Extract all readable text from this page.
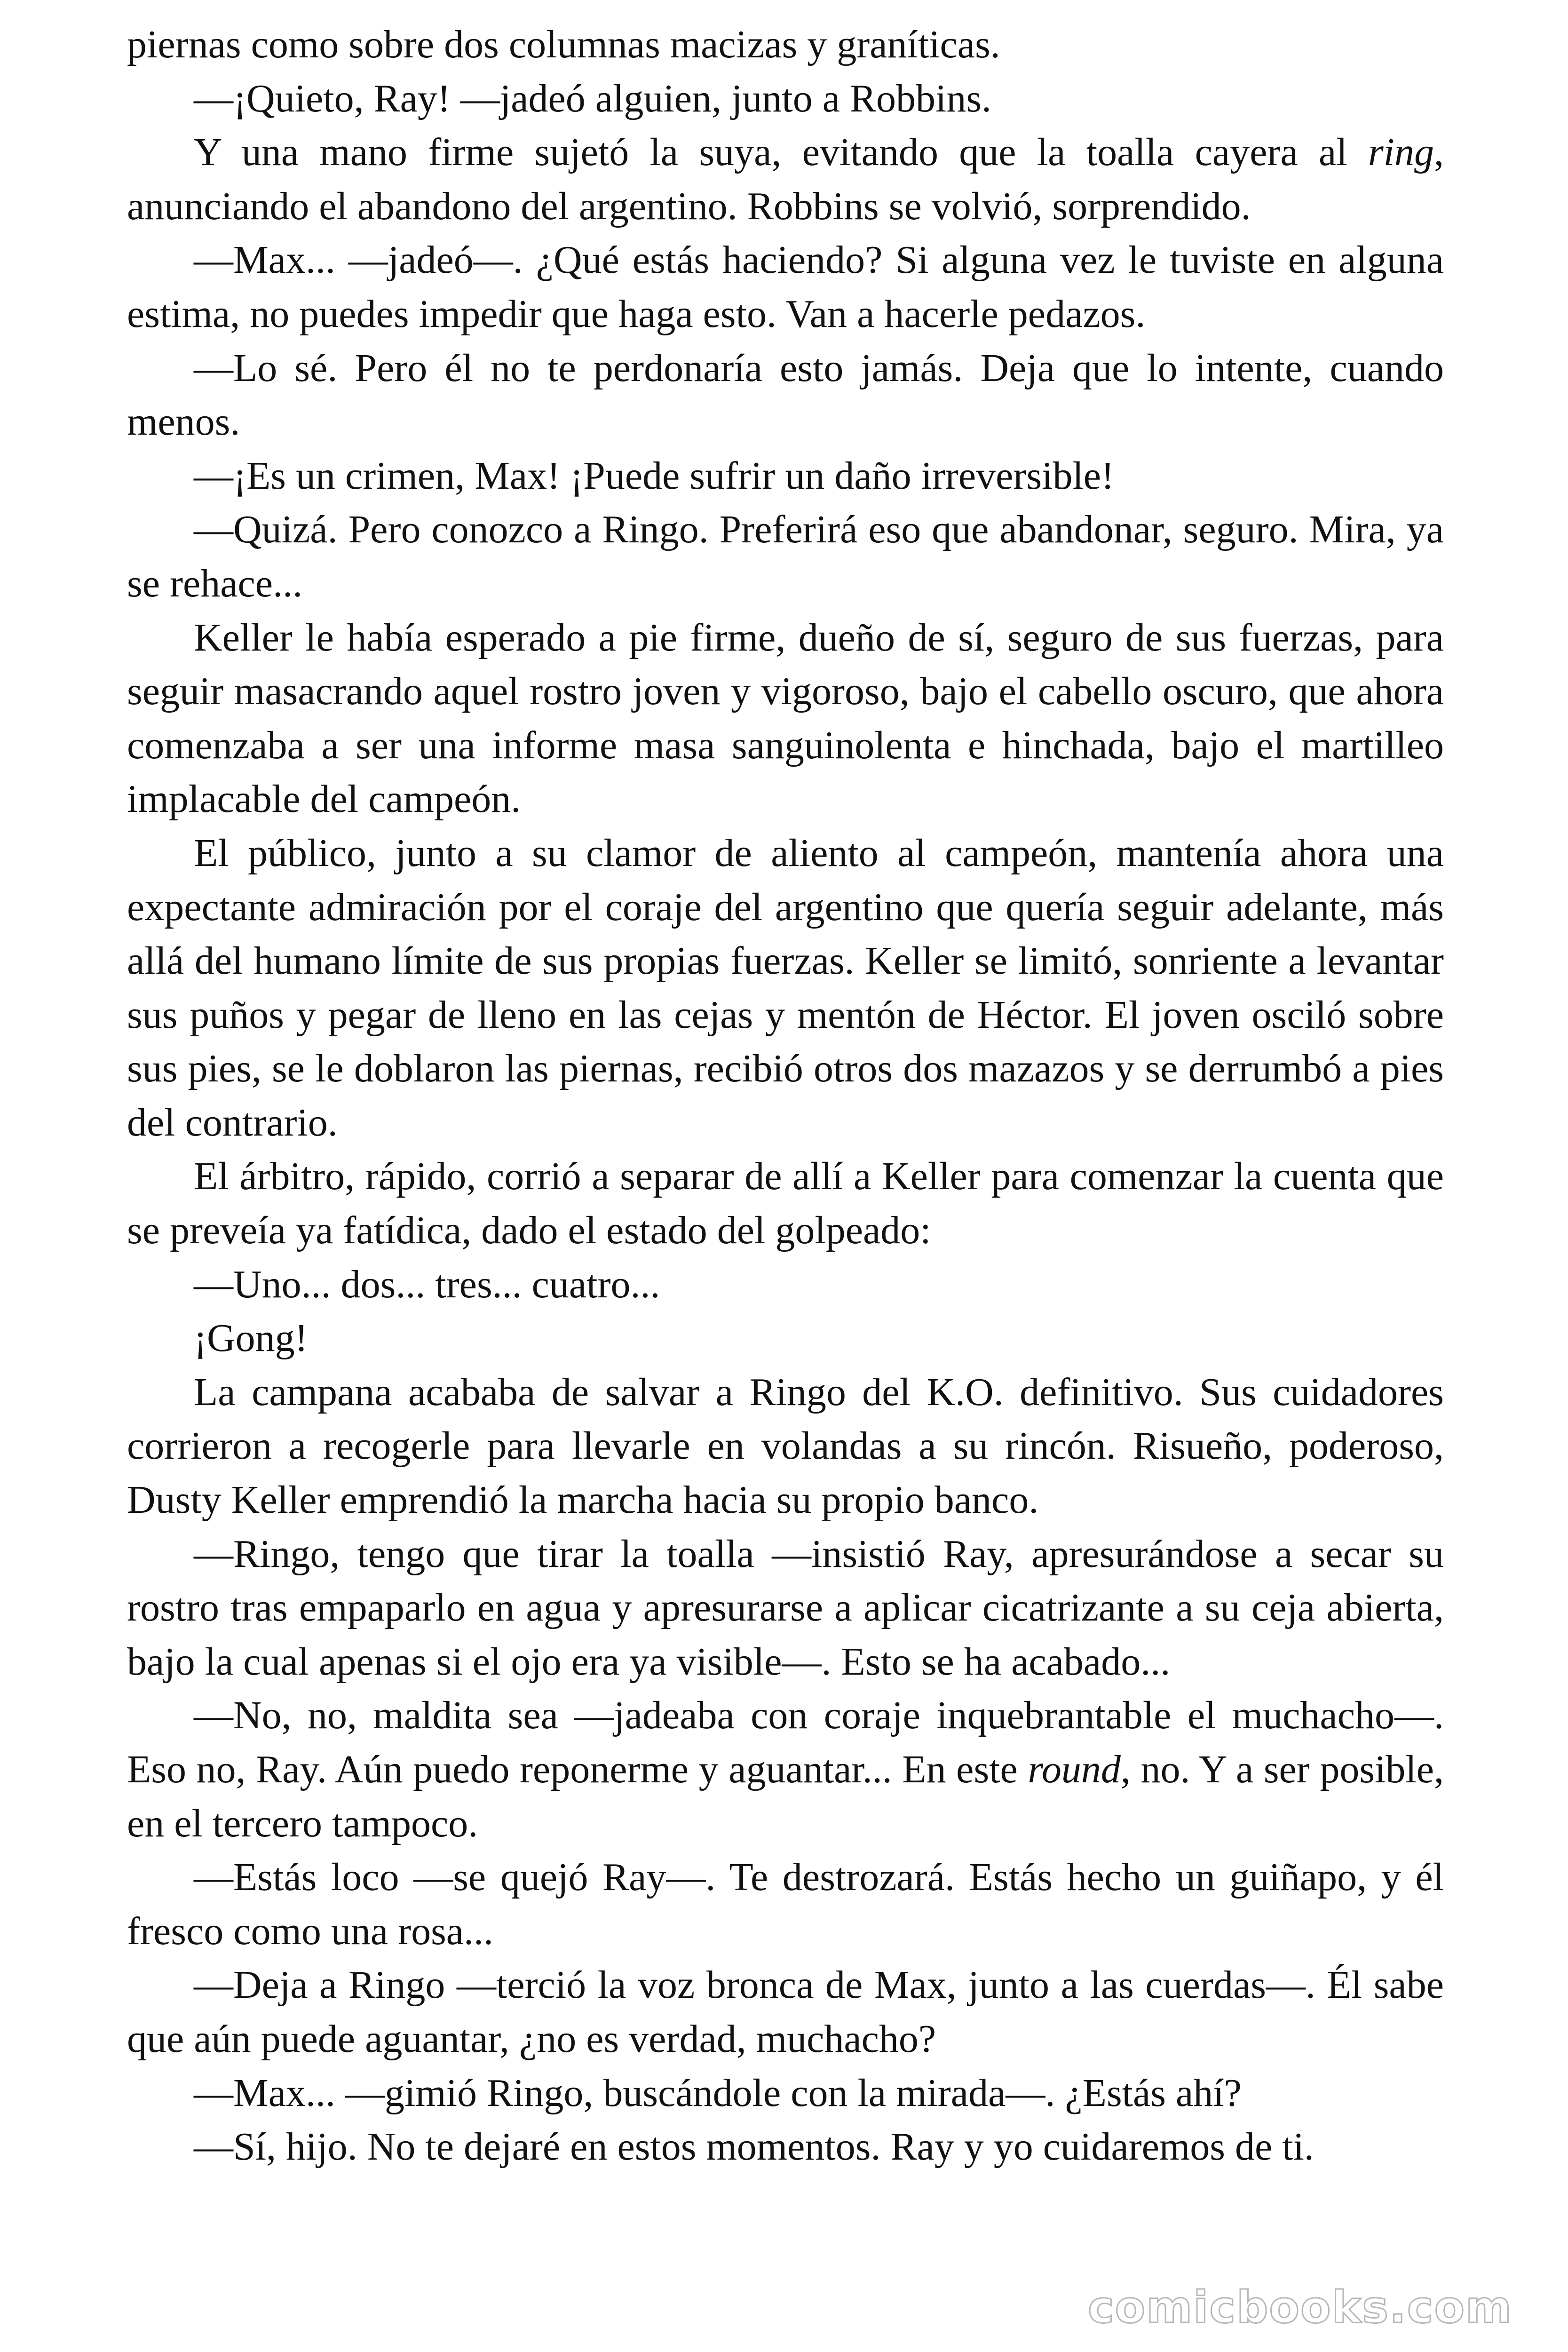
piernas como sobre dos columnas macizas y graníticas.

—¡Quieto, Ray! —jadeó alguien, junto a Robbins.

Y una mano firme sujetó la suya, evitando que la toalla cayera al ring, anunciando el abandono del argentino. Robbins se volvió, sorprendido.

—Max... —jadeó—. ¿Qué estás haciendo? Si alguna vez le tuviste en alguna estima, no puedes impedir que haga esto. Van a hacerle pedazos.

—Lo sé. Pero él no te perdonaría esto jamás. Deja que lo intente, cuando menos.

—¡Es un crimen, Max! ¡Puede sufrir un daño irreversible!

—Quizá. Pero conozco a Ringo. Preferirá eso que abandonar, seguro. Mira, ya se rehace...

Keller le había esperado a pie firme, dueño de sí, seguro de sus fuerzas, para seguir masacrando aquel rostro joven y vigoroso, bajo el cabello oscuro, que ahora comenzaba a ser una informe masa sanguinolenta e hinchada, bajo el martilleo implacable del campeón.

El público, junto a su clamor de aliento al campeón, mantenía ahora una expectante admiración por el coraje del argentino que quería seguir adelante, más allá del humano límite de sus propias fuerzas. Keller se limitó, sonriente a levantar sus puños y pegar de lleno en las cejas y mentón de Héctor. El joven osciló sobre sus pies, se le doblaron las piernas, recibió otros dos mazazos y se derrumbó a pies del contrario.

El árbitro, rápido, corrió a separar de allí a Keller para comenzar la cuenta que se preveía ya fatídica, dado el estado del golpeado:

—Uno... dos... tres... cuatro...

¡Gong!

La campana acababa de salvar a Ringo del K.O. definitivo. Sus cuidadores corrieron a recogerle para llevarle en volandas a su rincón. Risueño, poderoso, Dusty Keller emprendió la marcha hacia su propio banco.

—Ringo, tengo que tirar la toalla —insistió Ray, apresurándose a secar su rostro tras empaparlo en agua y apresurarse a aplicar cicatrizante a su ceja abierta, bajo la cual apenas si el ojo era ya visible—. Esto se ha acabado...

—No, no, maldita sea —jadeaba con coraje inquebrantable el muchacho—. Eso no, Ray. Aún puedo reponerme y aguantar... En este round, no. Y a ser posible, en el tercero tampoco.

—Estás loco —se quejó Ray—. Te destrozará. Estás hecho un guiñapo, y él fresco como una rosa...

—Deja a Ringo —terció la voz bronca de Max, junto a las cuerdas—. Él sabe que aún puede aguantar, ¿no es verdad, muchacho?

—Max... —gimió Ringo, buscándole con la mirada—. ¿Estás ahí?

—Sí, hijo. No te dejaré en estos momentos. Ray y yo cuidaremos de ti.

comicbooks.com
